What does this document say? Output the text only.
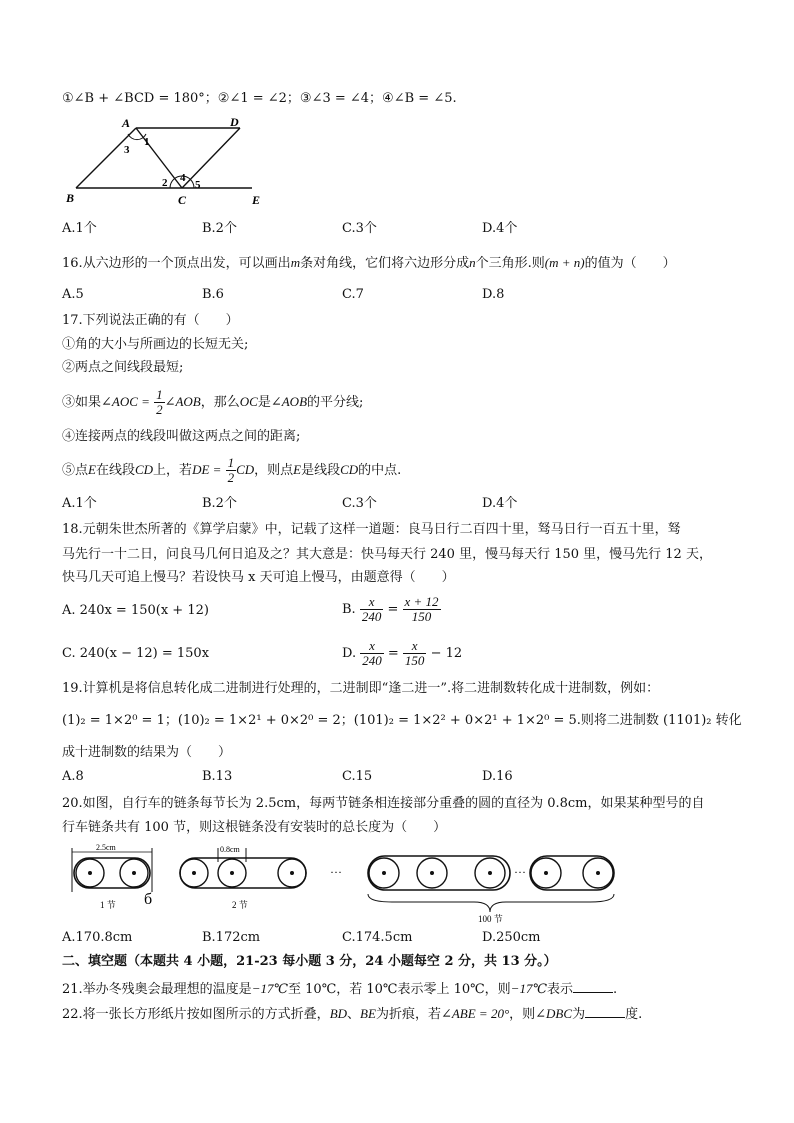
①∠B + ∠BCD = 180°；②∠1 = ∠2；③∠3 = ∠4；④∠B = ∠5.
A	D
B	C	E
1
2
3
4
5
A.1个	B.2个	C.3个	D.4个
16.从六边形的一个顶点出发，可以画出m条对角线，它们将六边形分成n个三角形.则(m + n)的值为（　　）
A.5	B.6	C.7	D.8
17.下列说法正确的有（　　）
①角的大小与所画边的长短无关;
②两点之间线段最短;
③如果∠AOC = $\frac{1}{2}$ ∠AOB，那么OC是∠AOB的平分线;
④连接两点的线段叫做这两点之间的距离;
⑤点E在线段CD上，若DE = $\frac{1}{2}$ CD，则点E是线段CD的中点.
A.1个	B.2个	C.3个	D.4个
18.元朝朱世杰所著的《算学启蒙》中，记载了这样一道题：良马日行二百四十里，驽马日行一百五十里，驽
马先行一十二日，问良马几何日追及之？其大意是：快马每天行 240 里，慢马每天行 150 里，慢马先行 12 天，
快马几天可追上慢马？若设快马 x 天可追上慢马，由题意得（　　）
A. 240x = 150(x + 12)	B. $\frac{x}{240} = \frac{x + 12}{150}$
C. 240(x − 12) = 150x	D. $\frac{x}{240} = \frac{x}{150} - 12$
19.计算机是将信息转化成二进制进行处理的，二进制即“逢二进一”.将二进制数转化成十进制数，例如：
(1)₂ = 1×2⁰ = 1；(10)₂ = 1×2¹ + 0×2⁰ = 2；(101)₂ = 1×2² + 0×2¹ + 1×2⁰ = 5.则将二进制数 (1101)₂ 转化
成十进制数的结果为（　　）
A.8	B.13	C.15	D.16
20.如图，自行车的链条每节长为 2.5cm，每两节链条相连接部分重叠的圆的直径为 0.8cm，如果某种型号的自
行车链条共有 100 节，则这根链条没有安装时的总长度为（　　）
2.5cm
1 节 б
0.8cm
2 节
···	···
100 节
A.170.8cm	B.172cm	C.174.5cm	D.250cm
二、填空题（本题共 4 小题，21-23 每小题 3 分，24 小题每空 2 分，共 13 分。）
21.举办冬残奥会最理想的温度是−17℃至 10℃，若 10℃表示零上 10℃，则−17℃表示	.
22.将一张长方形纸片按如图所示的方式折叠，BD、BE为折痕，若∠ABE = 20°，则∠DBC为	度.
